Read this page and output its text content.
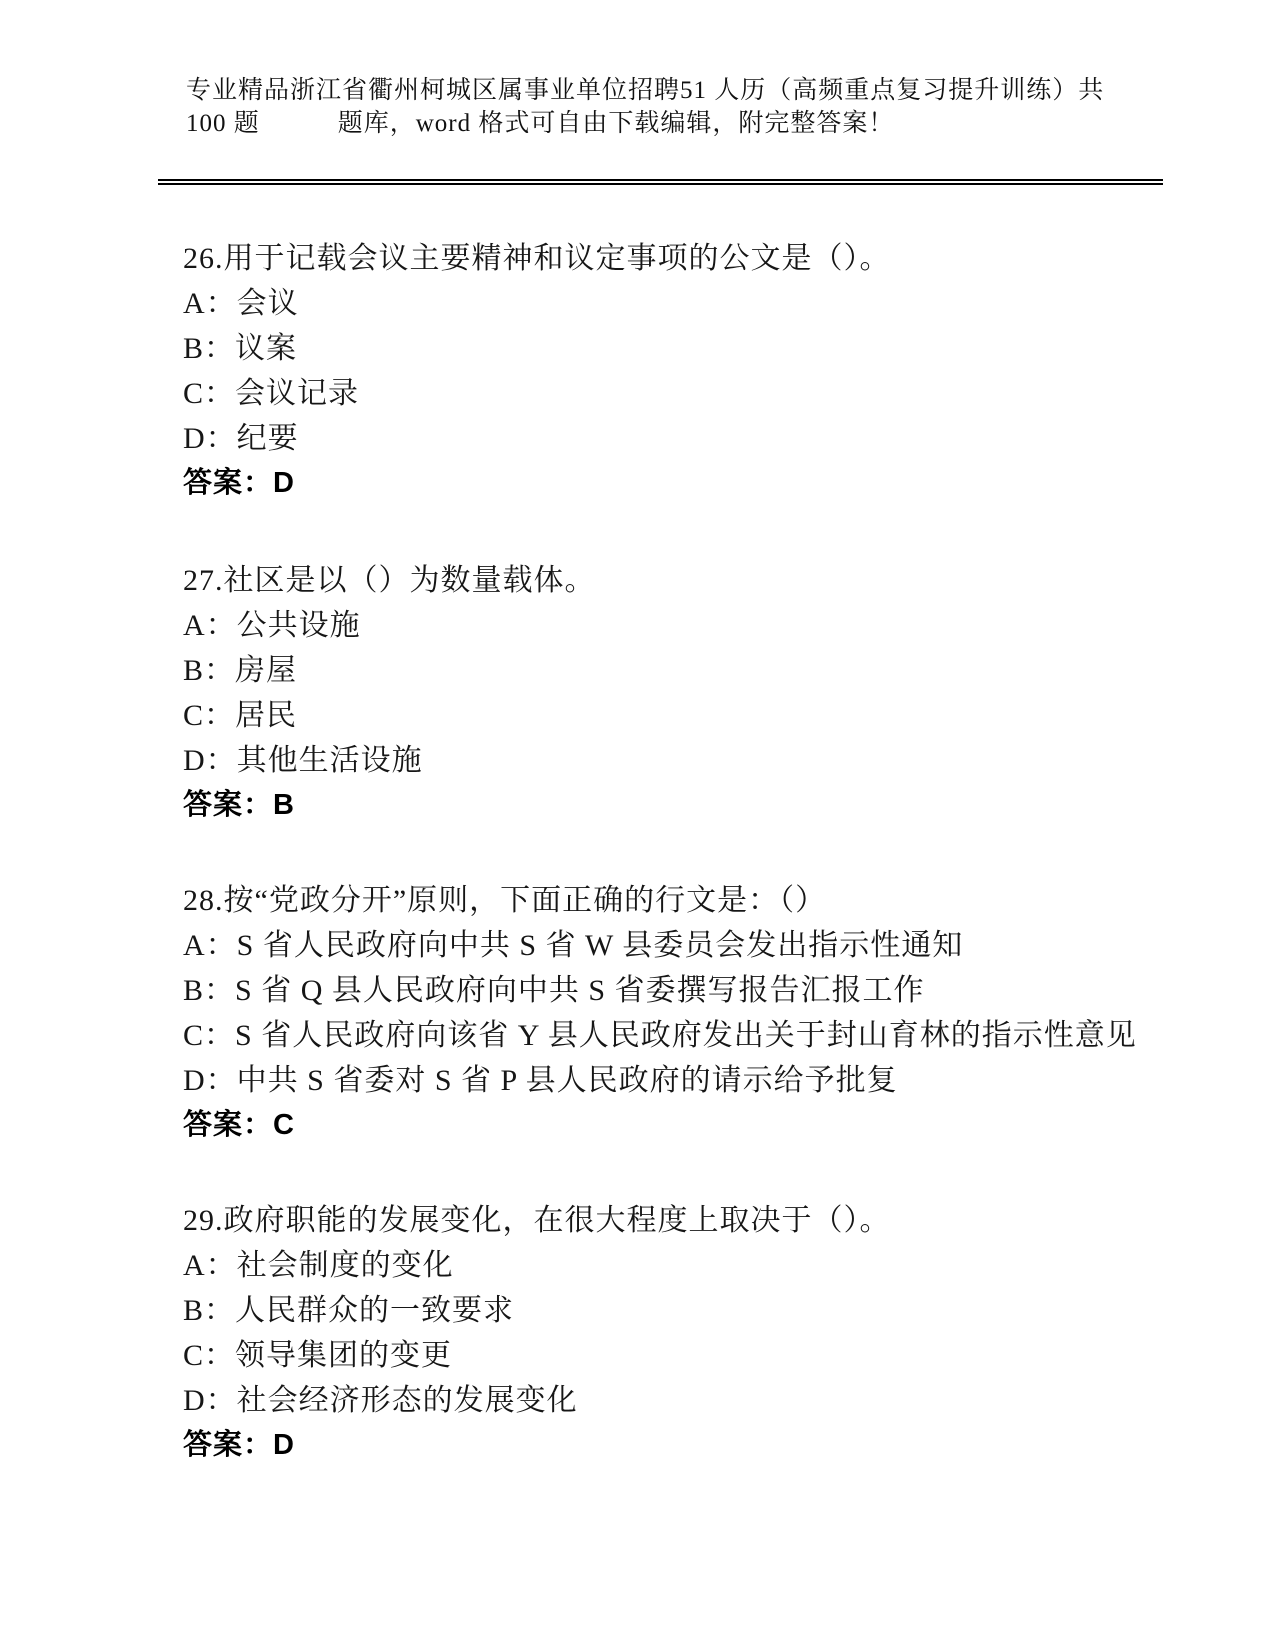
专业精品浙江省衢州柯城区属事业单位招聘51 人历（高频重点复习提升训练）共
100 题　　　题库，word 格式可自由下载编辑，附完整答案！
26.用于记载会议主要精神和议定事项的公文是（）。
A：会议
B：议案
C：会议记录
D：纪要
答案：D
27.社区是以（）为数量载体。
A：公共设施
B：房屋
C：居民
D：其他生活设施
答案：B
28.按“党政分开”原则，下面正确的行文是：（）
A：S 省人民政府向中共 S 省 W 县委员会发出指示性通知
B：S 省 Q 县人民政府向中共 S 省委撰写报告汇报工作
C：S 省人民政府向该省 Y 县人民政府发出关于封山育林的指示性意见
D：中共 S 省委对 S 省 P 县人民政府的请示给予批复
答案：C
29.政府职能的发展变化，在很大程度上取决于（）。
A：社会制度的变化
B：人民群众的一致要求
C：领导集团的变更
D：社会经济形态的发展变化
答案：D
